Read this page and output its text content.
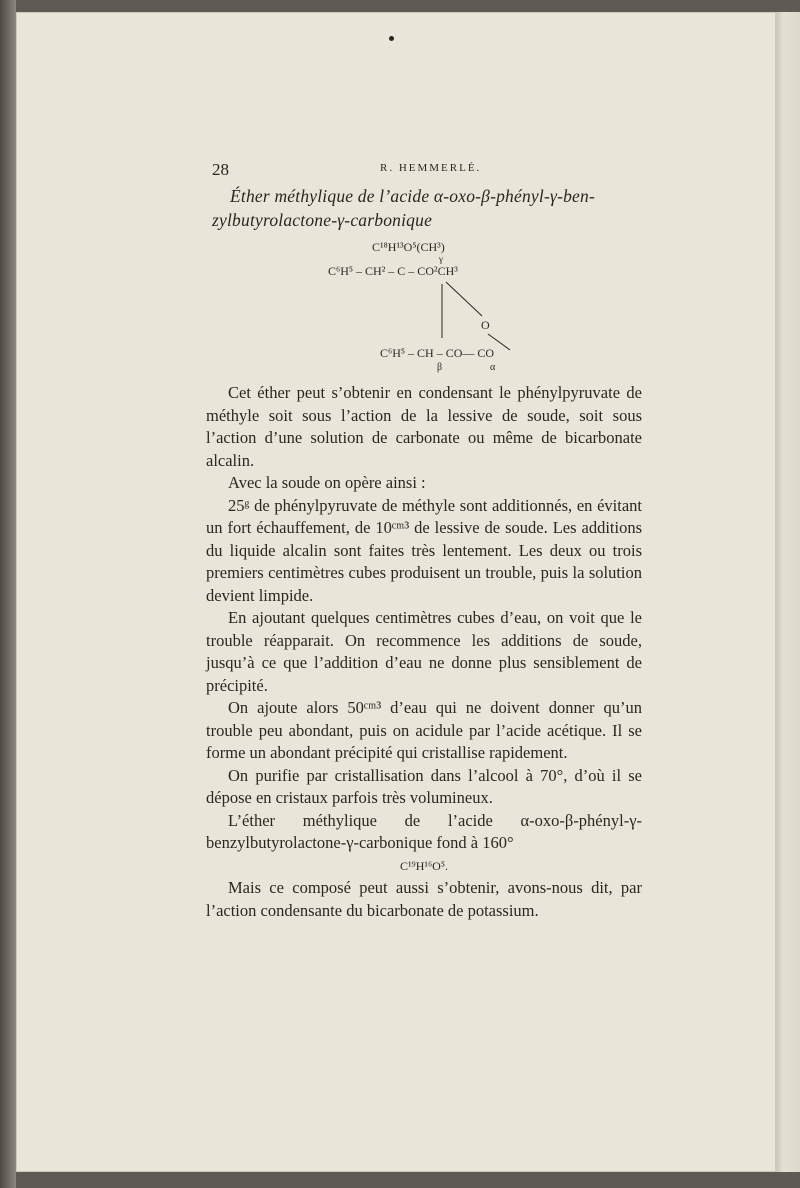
28	R. HEMMERLÉ.
Éther méthylique de l’acide α-oxo-β-phényl-γ-ben-
zylbutyrolactone-γ-carbonique
C¹⁸H¹³O⁵(CH³)
γ
C⁶H⁵ – CH² – C – CO²CH³
O
C⁶H⁵ – CH – CO— CO
β	α

Cet éther peut s’obtenir en condensant le phénylpyruvate de méthyle soit sous l’action de la lessive de soude, soit sous l’action d’une solution de carbonate ou même de bicarbonate alcalin.

Avec la soude on opère ainsi :

25ᵍ de phénylpyruvate de méthyle sont additionnés, en évitant un fort échauffement, de 10ᶜᵐ³ de lessive de soude. Les additions du liquide alcalin sont faites très lentement. Les deux ou trois premiers centimètres cubes produisent un trouble, puis la solution devient limpide.

En ajoutant quelques centimètres cubes d’eau, on voit que le trouble réapparait. On recommence les additions de soude, jusqu’à ce que l’addition d’eau ne donne plus sensiblement de précipité.

On ajoute alors 50ᶜᵐ³ d’eau qui ne doivent donner qu’un trouble peu abondant, puis on acidule par l’acide acétique. Il se forme un abondant précipité qui cristallise rapidement.

On purifie par cristallisation dans l’alcool à 70°, d’où il se dépose en cristaux parfois très volumineux.

L’éther méthylique de l’acide α-oxo-β-phényl-γ-benzylbutyrolactone-γ-carbonique fond à 160°

C¹⁹H¹⁶O⁵.

Mais ce composé peut aussi s’obtenir, avons-nous dit, par l’action condensante du bicarbonate de potassium.
